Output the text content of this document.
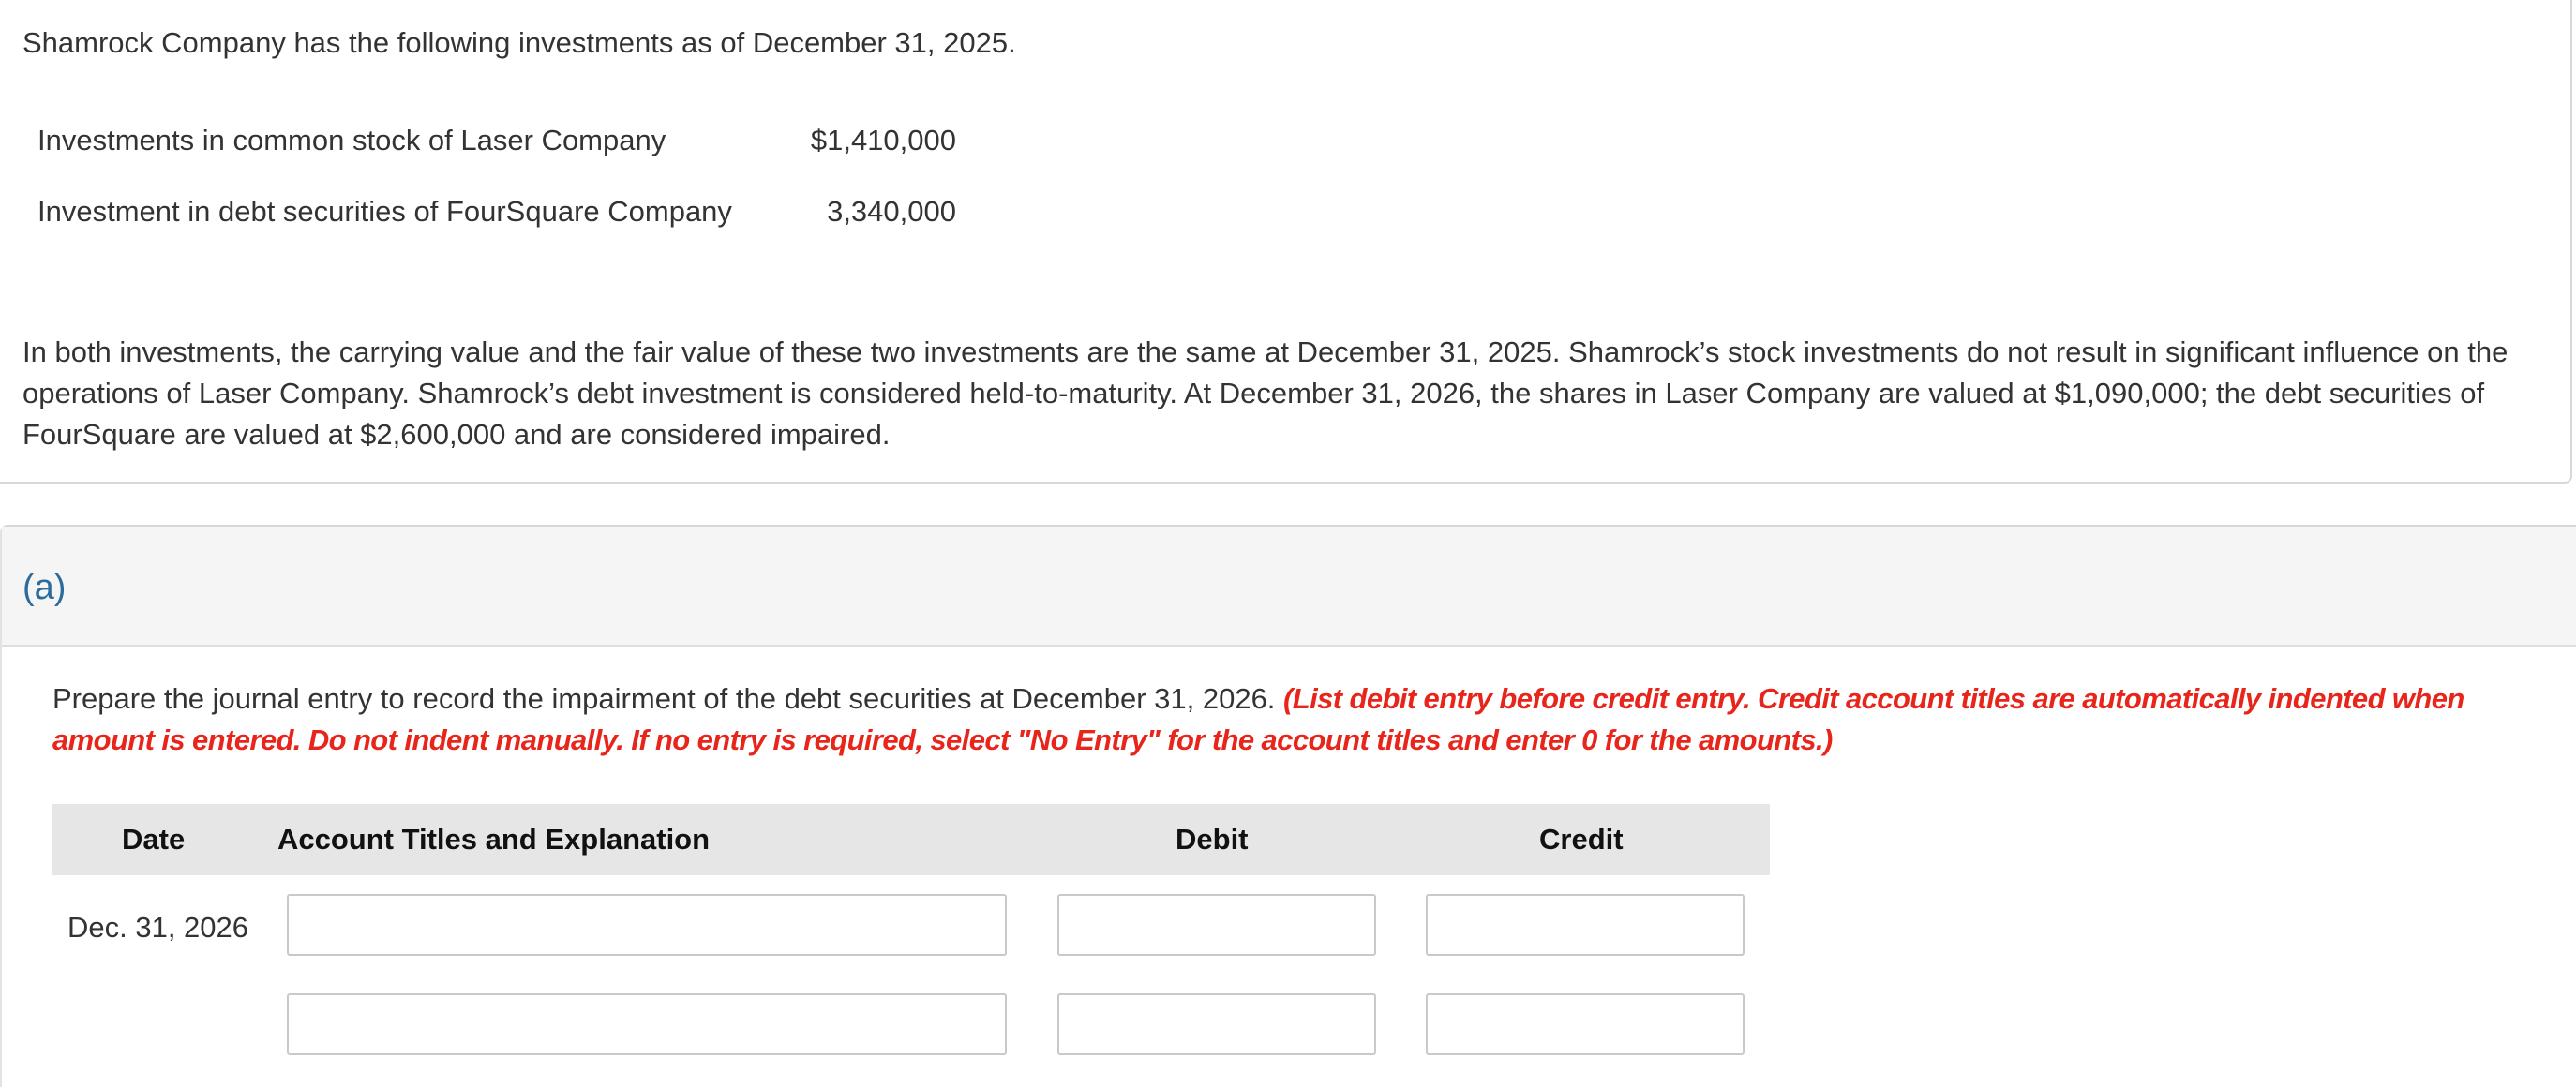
Shamrock Company has the following investments as of December 31, 2025.
Investments in common stock of Laser Company	$1,410,000
Investment in debt securities of FourSquare Company	3,340,000
In both investments, the carrying value and the fair value of these two investments are the same at December 31, 2025. Shamrock’s stock investments do not result in significant influence on the operations of Laser Company. Shamrock’s debt investment is considered held-to-maturity. At December 31, 2026, the shares in Laser Company are valued at $1,090,000; the debt securities of FourSquare are valued at $2,600,000 and are considered impaired.
(a)
Prepare the journal entry to record the impairment of the debt securities at December 31, 2026. (List debit entry before credit entry. Credit account titles are automatically indented when amount is entered. Do not indent manually. If no entry is required, select "No Entry" for the account titles and enter 0 for the amounts.)
Date	Account Titles and Explanation	Debit	Credit
Dec. 31, 2026
